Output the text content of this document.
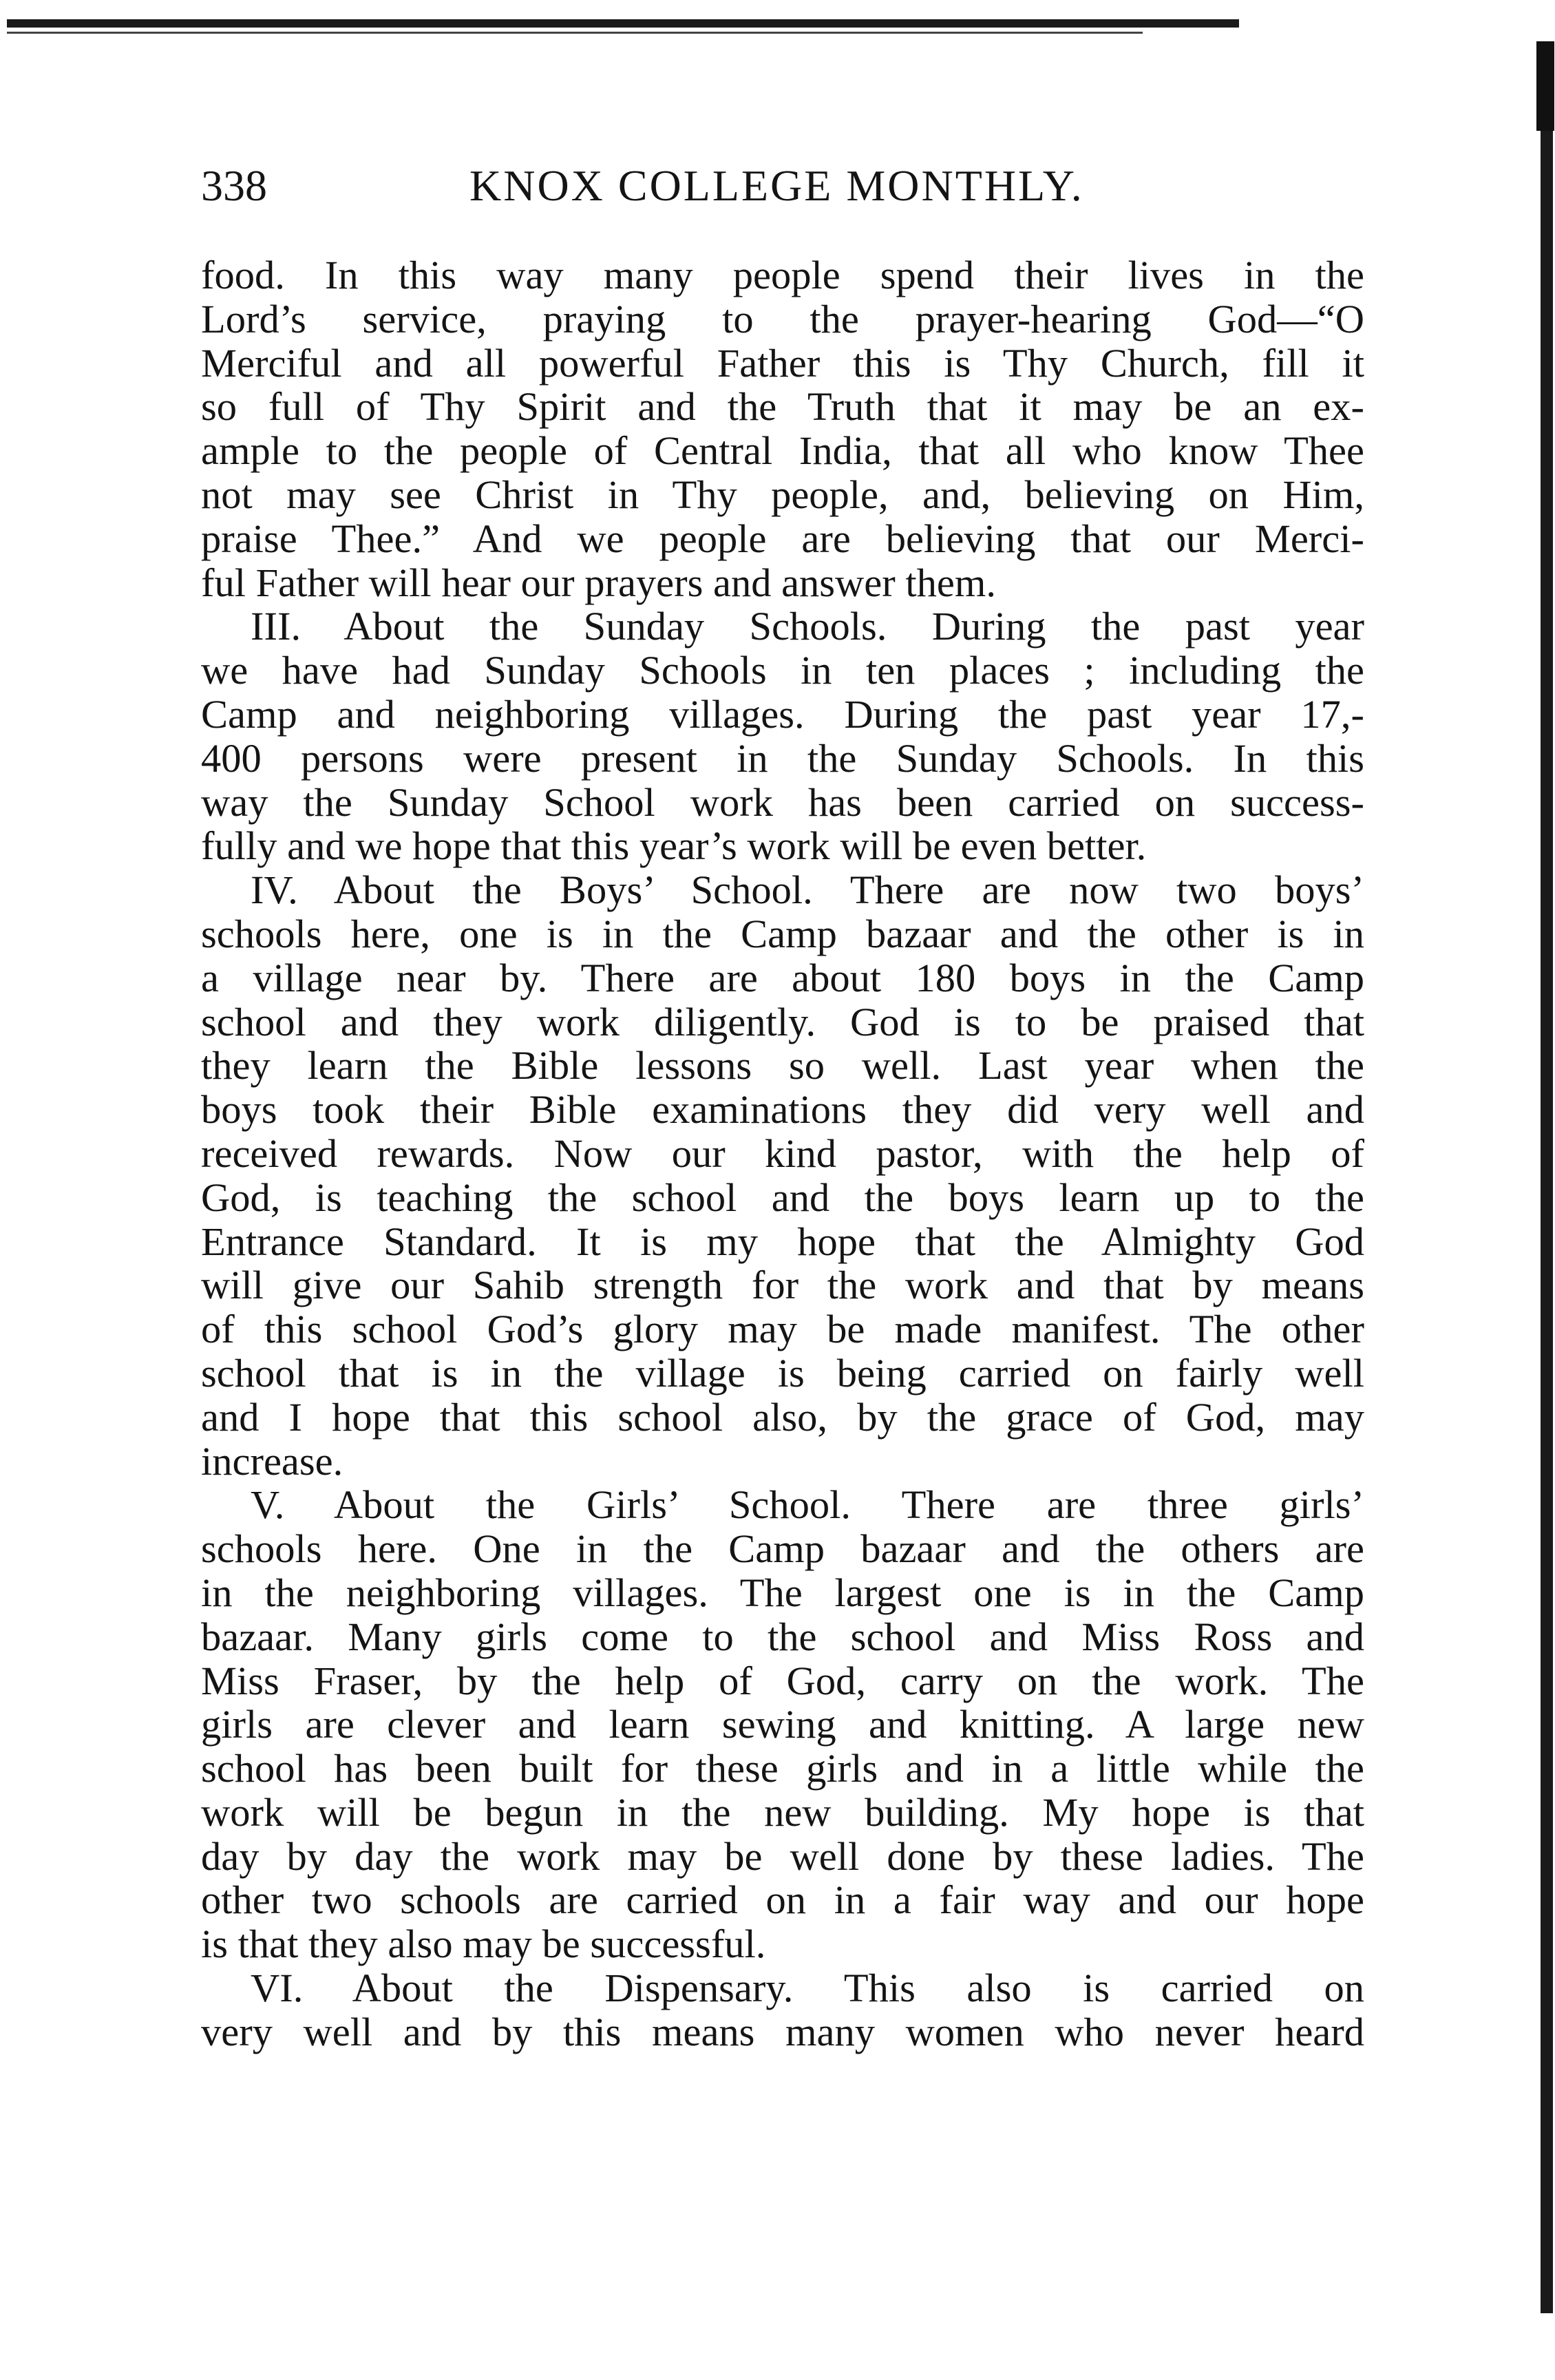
338	KNOX COLLEGE MONTHLY.
food. In this way many people spend their lives in the
Lord’s service, praying to the prayer-hearing God—“O
Merciful and all powerful Father this is Thy Church, fill it
so full of Thy Spirit and the Truth that it may be an ex-
ample to the people of Central India, that all who know Thee
not may see Christ in Thy people, and, believing on Him,
praise Thee.” And we people are believing that our Merci-
ful Father will hear our prayers and answer them.
III. About the Sunday Schools. During the past year
we have had Sunday Schools in ten places ; including the
Camp and neighboring villages. During the past year 17,-
400 persons were present in the Sunday Schools. In this
way the Sunday School work has been carried on success-
fully and we hope that this year’s work will be even better.
IV. About the Boys’ School. There are now two boys’
schools here, one is in the Camp bazaar and the other is in
a village near by. There are about 180 boys in the Camp
school and they work diligently. God is to be praised that
they learn the Bible lessons so well. Last year when the
boys took their Bible examinations they did very well and
received rewards. Now our kind pastor, with the help of
God, is teaching the school and the boys learn up to the
Entrance Standard. It is my hope that the Almighty God
will give our Sahib strength for the work and that by means
of this school God’s glory may be made manifest. The other
school that is in the village is being carried on fairly well
and I hope that this school also, by the grace of God, may
increase.
V. About the Girls’ School. There are three girls’
schools here. One in the Camp bazaar and the others are
in the neighboring villages. The largest one is in the Camp
bazaar. Many girls come to the school and Miss Ross and
Miss Fraser, by the help of God, carry on the work. The
girls are clever and learn sewing and knitting. A large new
school has been built for these girls and in a little while the
work will be begun in the new building. My hope is that
day by day the work may be well done by these ladies. The
other two schools are carried on in a fair way and our hope
is that they also may be successful.
VI. About the Dispensary. This also is carried on
very well and by this means many women who never heard
